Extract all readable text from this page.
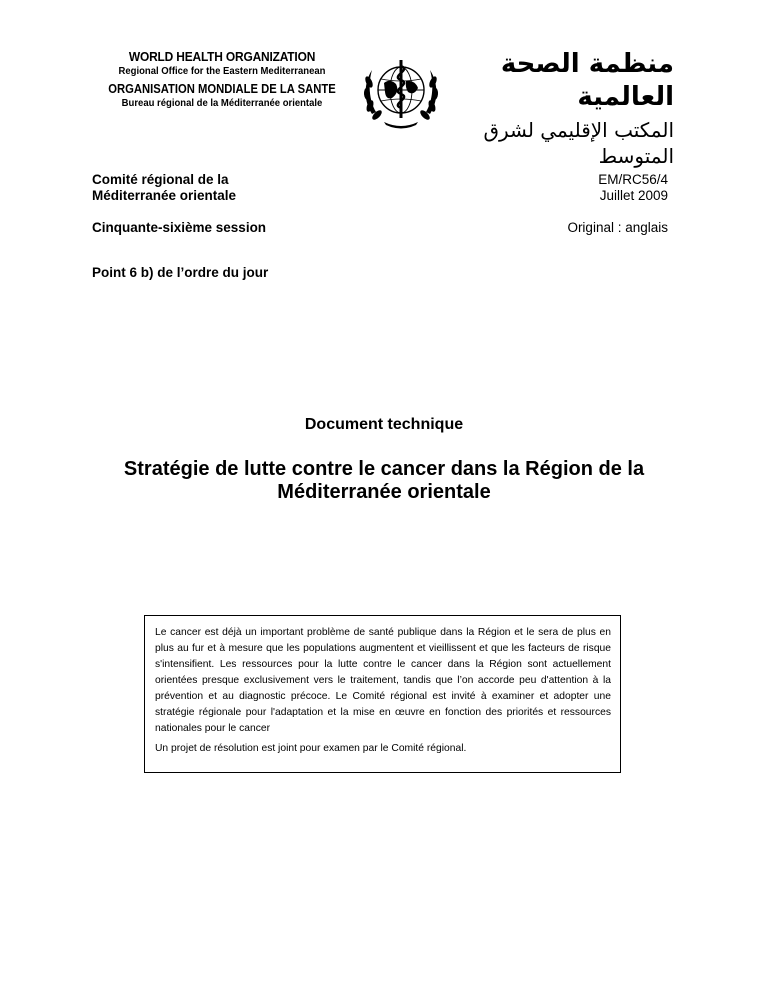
WORLD HEALTH ORGANIZATION
Regional Office for the Eastern Mediterranean
ORGANISATION MONDIALE DE LA SANTE
Bureau régional de la Méditerranée orientale
منظمة الصحة العالمية
المكتب الإقليمي لشرق المتوسط
Comité régional de la
Méditerranée orientale
EM/RC56/4
Juillet 2009
Cinquante-sixième session	Original : anglais
Point 6 b) de l’ordre du jour
Document technique
Stratégie de lutte contre le cancer dans la Région de la Méditerranée orientale

Le cancer est déjà un important problème de santé publique dans la Région et le sera de plus en plus au fur et à mesure que les populations augmentent et vieillissent et que les facteurs de risque s'intensifient. Les ressources pour la lutte contre le cancer dans la Région sont actuellement orientées presque exclusivement vers le traitement, tandis que l’on accorde peu d'attention à la prévention et au diagnostic précoce. Le Comité régional est invité à examiner et adopter une stratégie régionale pour l'adaptation et la mise en œuvre en fonction des priorités et ressources nationales pour le cancer

Un projet de résolution est joint pour examen par le Comité régional.
